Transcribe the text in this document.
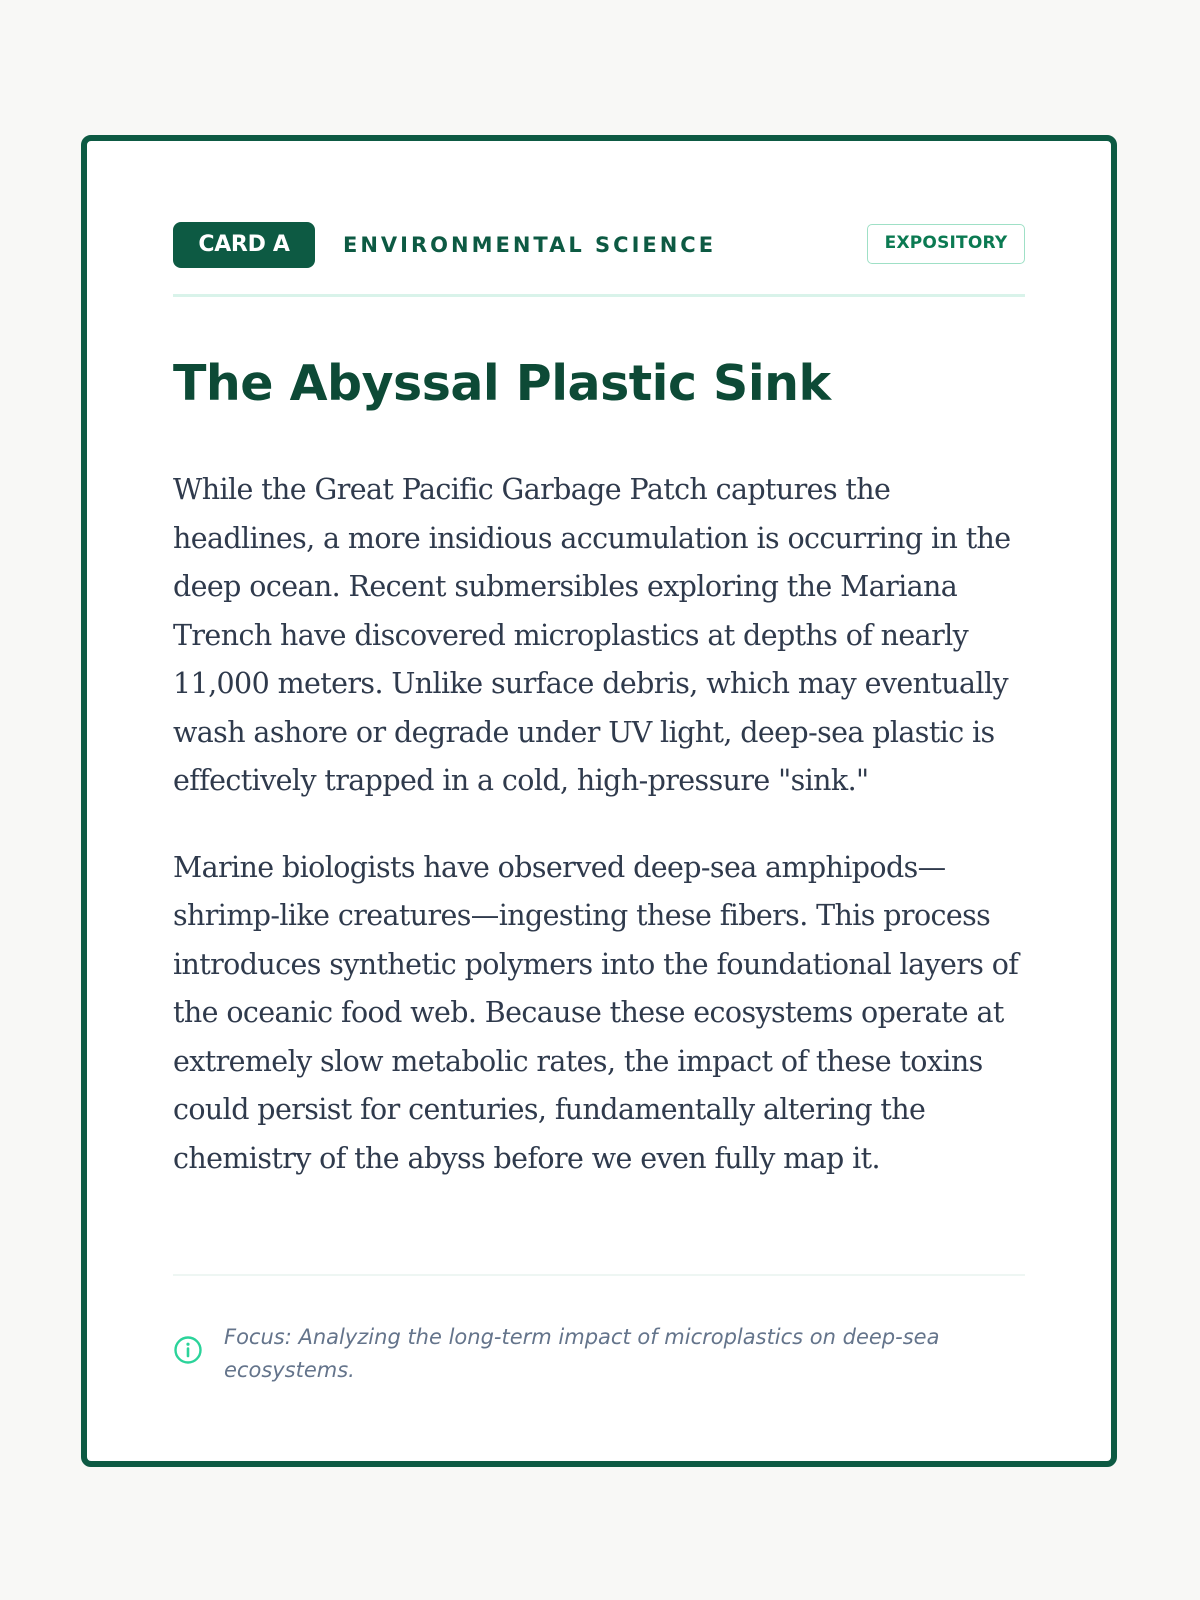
CARD A	ENVIRONMENTAL SCIENCE	EXPOSITORY
The Abyssal Plastic Sink

While the Great Pacific Garbage Patch captures the headlines, a more insidious accumulation is occurring in the deep ocean. Recent submersibles exploring the Mariana Trench have discovered microplastics at depths of nearly 11,000 meters. Unlike surface debris, which may eventually wash ashore or degrade under UV light, deep-sea plastic is effectively trapped in a cold, high-pressure "sink."

Marine biologists have observed deep-sea amphipods—shrimp-like creatures—ingesting these fibers. This process introduces synthetic polymers into the foundational layers of the oceanic food web. Because these ecosystems operate at extremely slow metabolic rates, the impact of these toxins could persist for centuries, fundamentally altering the chemistry of the abyss before we even fully map it.

Focus: Analyzing the long-term impact of microplastics on deep-sea ecosystems.
